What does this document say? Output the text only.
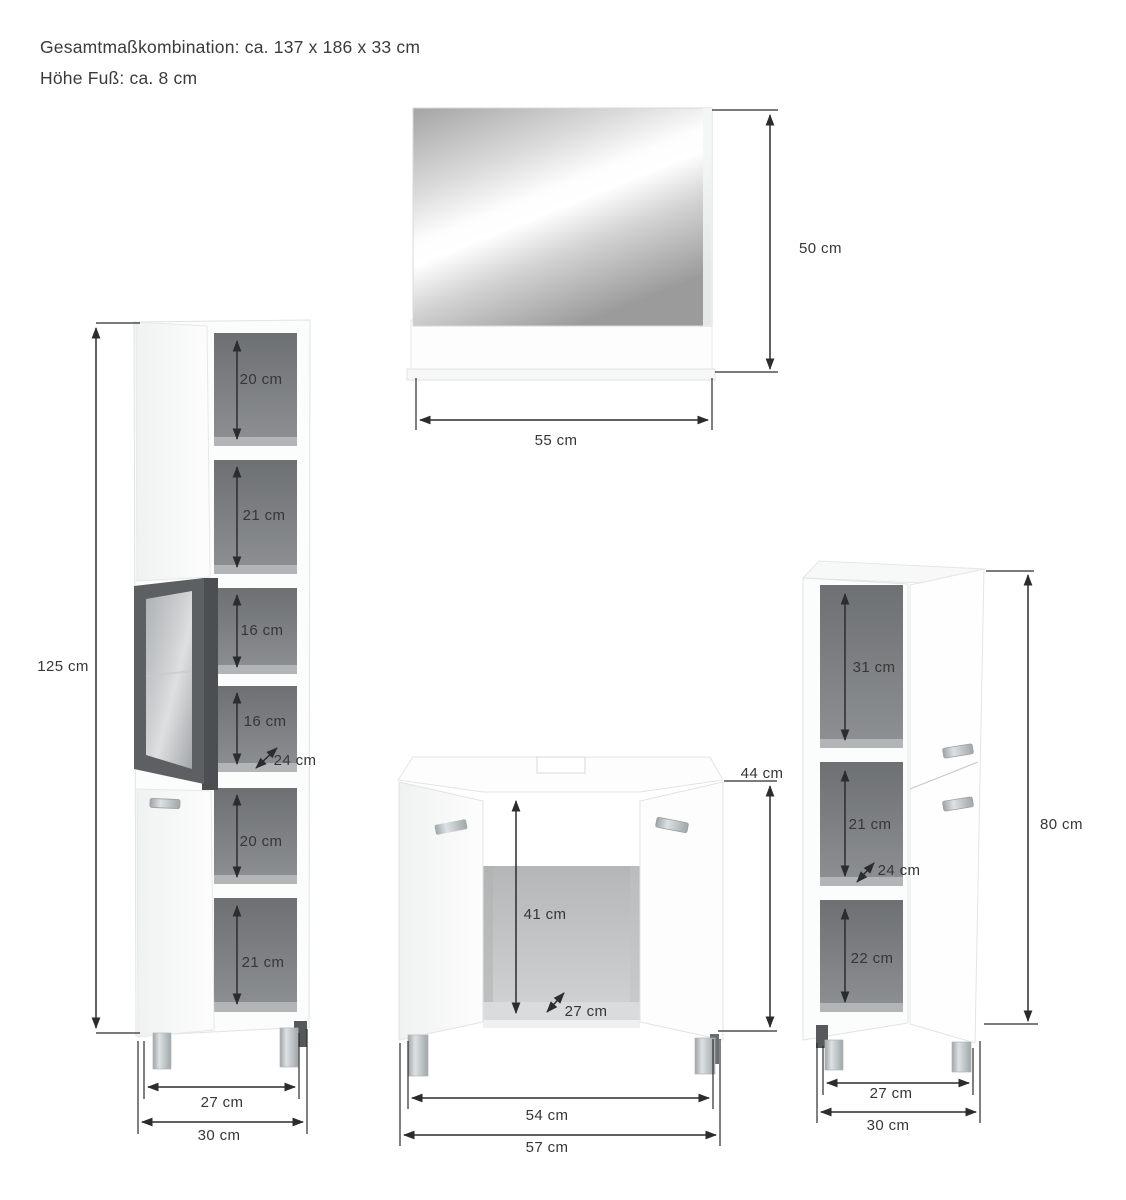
Gesamtmaßkombination: ca. 137 x 186 x 33 cm
Höhe Fuß: ca. 8 cm
50 cm
55 cm
125 cm
20 cm
21 cm
16 cm
16 cm
24 cm
20 cm
21 cm
27 cm
30 cm
44 cm
41 cm
27 cm
54 cm
57 cm
31 cm
21 cm
24 cm
22 cm
80 cm
27 cm
30 cm
